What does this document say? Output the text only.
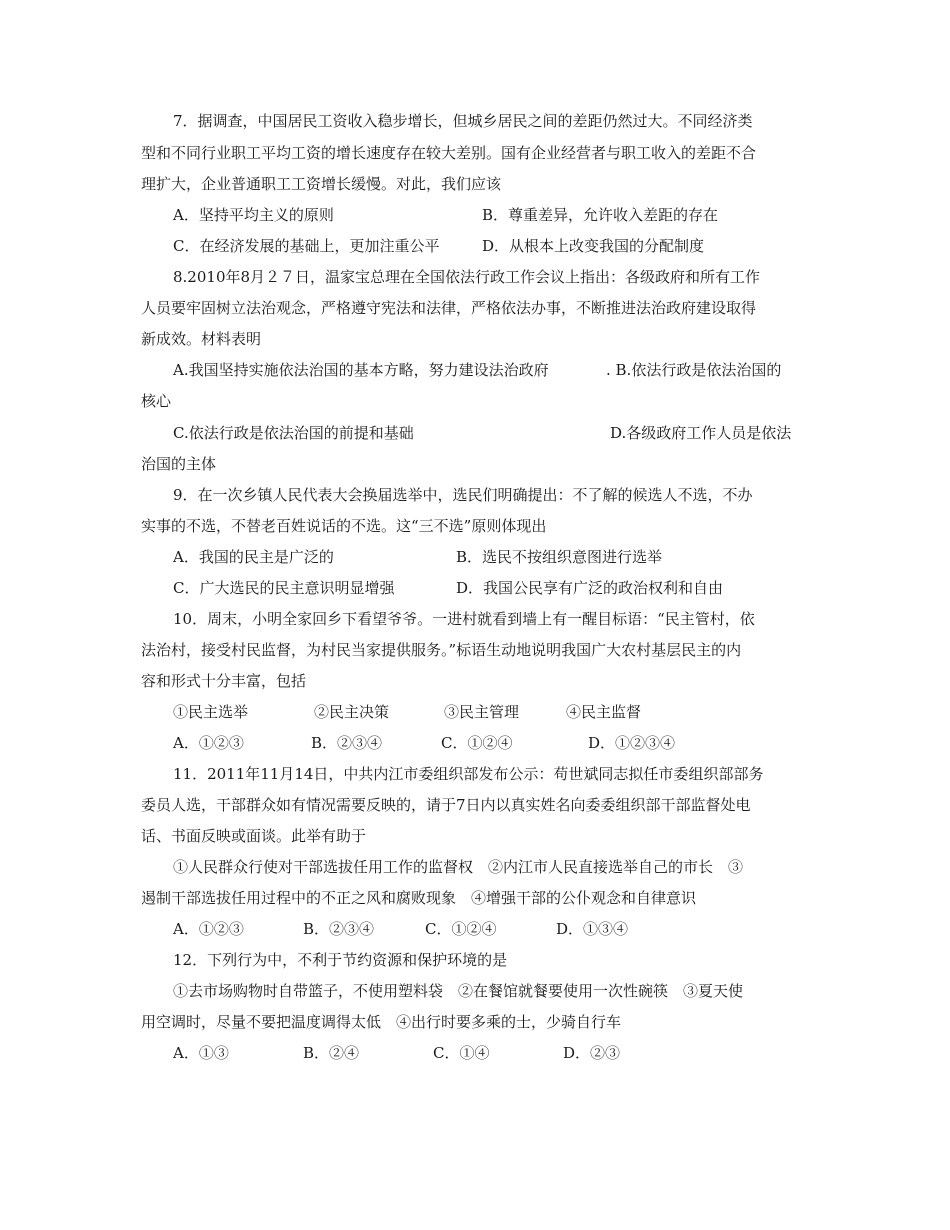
7．据调查，中国居民工资收入稳步增长，但城乡居民之间的差距仍然过大。不同经济类
型和不同行业职工平均工资的增长速度存在较大差别。国有企业经营者与职工收入的差距不合
理扩大，企业普通职工工资增长缓慢。对此，我们应该
A．坚持平均主义的原则	B．尊重差异，允许收入差距的存在
C．在经济发展的基础上，更加注重公平	D．从根本上改变我国的分配制度
8.2010年8月２７日，温家宝总理在全国依法行政工作会议上指出：各级政府和所有工作
人员要牢固树立法治观念，严格遵守宪法和法律，严格依法办事，不断推进法治政府建设取得
新成效。材料表明
A.我国坚持实施依法治国的基本方略，努力建设法治政府	. B.依法行政是依法治国的
核心
C.依法行政是依法治国的前提和基础	D.各级政府工作人员是依法
治国的主体
9．在一次乡镇人民代表大会换届选举中，选民们明确提出：不了解的候选人不选，不办
实事的不选，不替老百姓说话的不选。这“三不选”原则体现出
A．我国的民主是广泛的	B．选民不按组织意图进行选举
C．广大选民的民主意识明显增强	D．我国公民享有广泛的政治权利和自由
10．周末，小明全家回乡下看望爷爷。一进村就看到墙上有一醒目标语：“民主管村，依
法治村，接受村民监督，为村民当家提供服务。”标语生动地说明我国广大农村基层民主的内
容和形式十分丰富，包括
①民主选举	②民主决策	③民主管理	④民主监督
A．①②③	B．②③④	C．①②④	D．①②③④
11．2011年11月14日，中共内江市委组织部发布公示：苟世斌同志拟任市委组织部部务
委员人选，干部群众如有情况需要反映的，请于7日内以真实姓名向委委组织部干部监督处电
话、书面反映或面谈。此举有助于
①人民群众行使对干部选拔任用工作的监督权　②内江市人民直接选举自己的市长　③
遏制干部选拔任用过程中的不正之风和腐败现象　④增强干部的公仆观念和自律意识
A．①②③	B．②③④	C．①②④	D．①③④
12．下列行为中，不利于节约资源和保护环境的是
①去市场购物时自带篮子，不使用塑料袋　②在餐馆就餐要使用一次性碗筷　③夏天使
用空调时，尽量不要把温度调得太低　④出行时要多乘的士，少骑自行车
A．①③	B．②④	C．①④	D．②③
